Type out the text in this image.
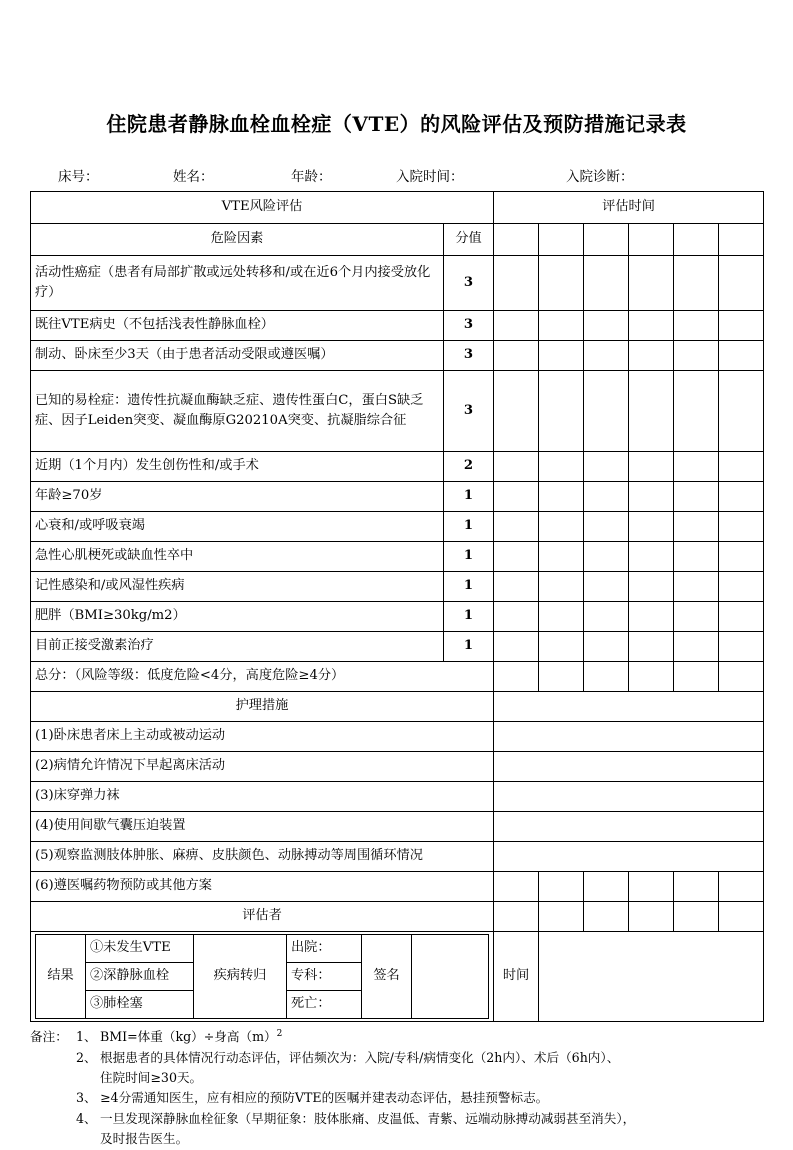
住院患者静脉血栓血栓症（VTE）的风险评估及预防措施记录表
床号：	姓名：	年龄：	入院时间：	入院诊断：
VTE风险评估	评估时间
危险因素	分值						
活动性癌症（患者有局部扩散或远处转移和/或在近6个月内接受放化疗）	3						
既往VTE病史（不包括浅表性静脉血栓）	3						
制动、卧床至少3天（由于患者活动受限或遵医嘱）	3						
已知的易栓症：遗传性抗凝血酶缺乏症、遗传性蛋白C，蛋白S缺乏症、因子Leiden突变、凝血酶原G20210A突变、抗凝脂综合征	3						
近期（1个月内）发生创伤性和/或手术	2						
年龄≥70岁	1						
心衰和/或呼吸衰竭	1						
急性心肌梗死或缺血性卒中	1						
记性感染和/或风湿性疾病	1						
肥胖（BMI≥30kg/m2）	1						
目前正接受激素治疗	1						
总分：（风险等级：低度危险<4分，高度危险≥4分）						
护理措施	
(1)卧床患者床上主动或被动运动	
(2)病情允许情况下早起离床活动	
(3)床穿弹力袜	
(4)使用间歇气囊压迫装置	
(5)观察监测肢体肿胀、麻痹、皮肤颜色、动脉搏动等周围循环情况	
(6)遵医嘱药物预防或其他方案						
评估者						

结果	①未发生VTE	疾病转归	出院：	签名	
②深静脉血栓	专科：
③肺栓塞	死亡：
	时间	
备注： 1、 BMI=体重（kg）÷身高$(m)^2$
2、 根据患者的具体情况行动态评估，评估频次为：入院/专科/病情变化（2h内）、术后（6h内）、
住院时间≥30天。
3、 ≥4分需通知医生，应有相应的预防VTE的医嘱并建表动态评估，悬挂预警标志。
4、 一旦发现深静脉血栓征象（早期征象：肢体胀痛、皮温低、青紫、远端动脉搏动减弱甚至消失），
及时报告医生。
